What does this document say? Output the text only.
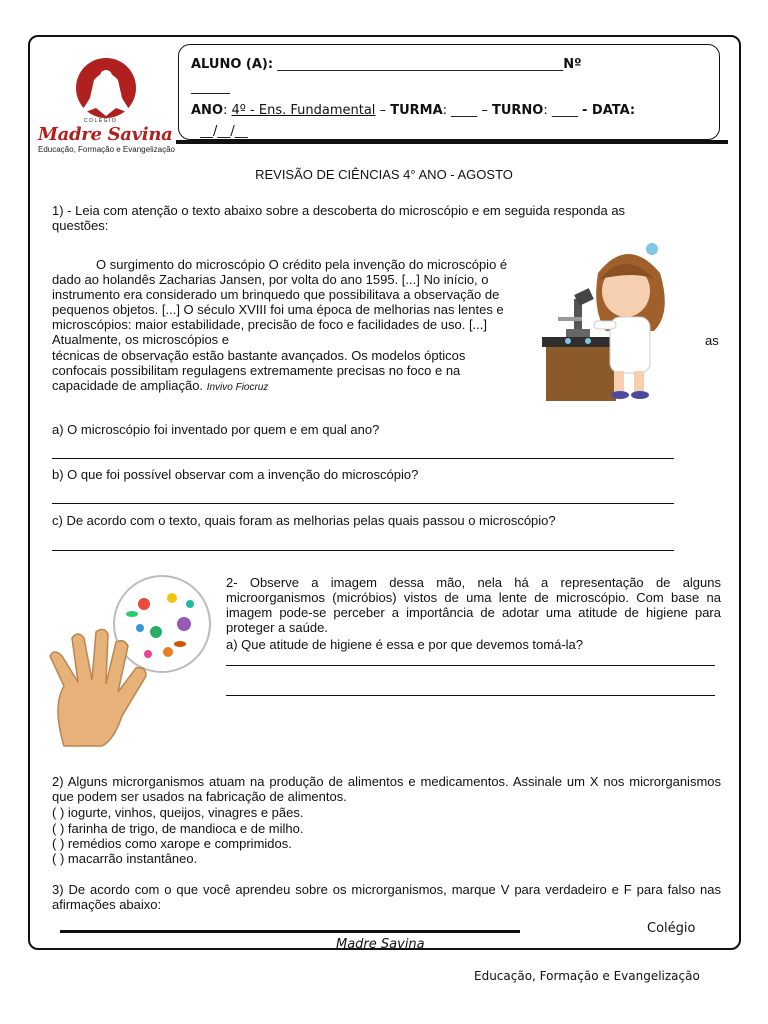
COLÉGIO
Madre Savina
Educação, Formação e Evangelização
ALUNO (A): ____________________________________________Nº
______
ANO: 4º - Ens. Fundamental – TURMA: ____ – TURNO: ____ - DATA:
__/__/__
REVISÃO DE CIÊNCIAS 4° ANO - AGOSTO
1) - Leia com atenção o texto abaixo sobre a descoberta do microscópio e em seguida responda as questões:
O surgimento do microscópio O crédito pela invenção do microscópio é dado ao holandês Zacharias Jansen, por volta do ano 1595. [...] No início, o instrumento era considerado um brinquedo que possibilitava a observação de pequenos objetos. [...] O século XVIII foi uma época de melhorias nas lentes e microscópios: maior estabilidade, precisão de foco e facilidades de uso. [...] Atualmente, os microscópios e	as
técnicas de observação estão bastante avançados. Os modelos ópticos confocais possibilitam regulagens extremamente precisas no foco e na capacidade de ampliação. Invivo Fiocruz
a) O microscópio foi inventado por quem e em qual ano?
b) O que foi possível observar com a invenção do microscópio?
c) De acordo com o texto, quais foram as melhorias pelas quais passou o microscópio?
2- Observe a imagem dessa mão, nela há a representação de alguns microorganismos (micróbios) vistos de uma lente de microscópio. Com base na imagem pode-se perceber a importância de adotar uma atitude de higiene para proteger a saúde.
a) Que atitude de higiene é essa e por que devemos tomá-la?
2) Alguns microrganismos atuam na produção de alimentos e medicamentos. Assinale um X nos microrganismos que podem ser usados na fabricação de alimentos.
( ) iogurte, vinhos, queijos, vinagres e pães.
( ) farinha de trigo, de mandioca e de milho.
( ) remédios como xarope e comprimidos.
( ) macarrão instantâneo.
3) De acordo com o que você aprendeu sobre os microrganismos, marque V para verdadeiro e F para falso nas afirmações abaixo:
Colégio
Madre Savina
Educação, Formação e Evangelização
